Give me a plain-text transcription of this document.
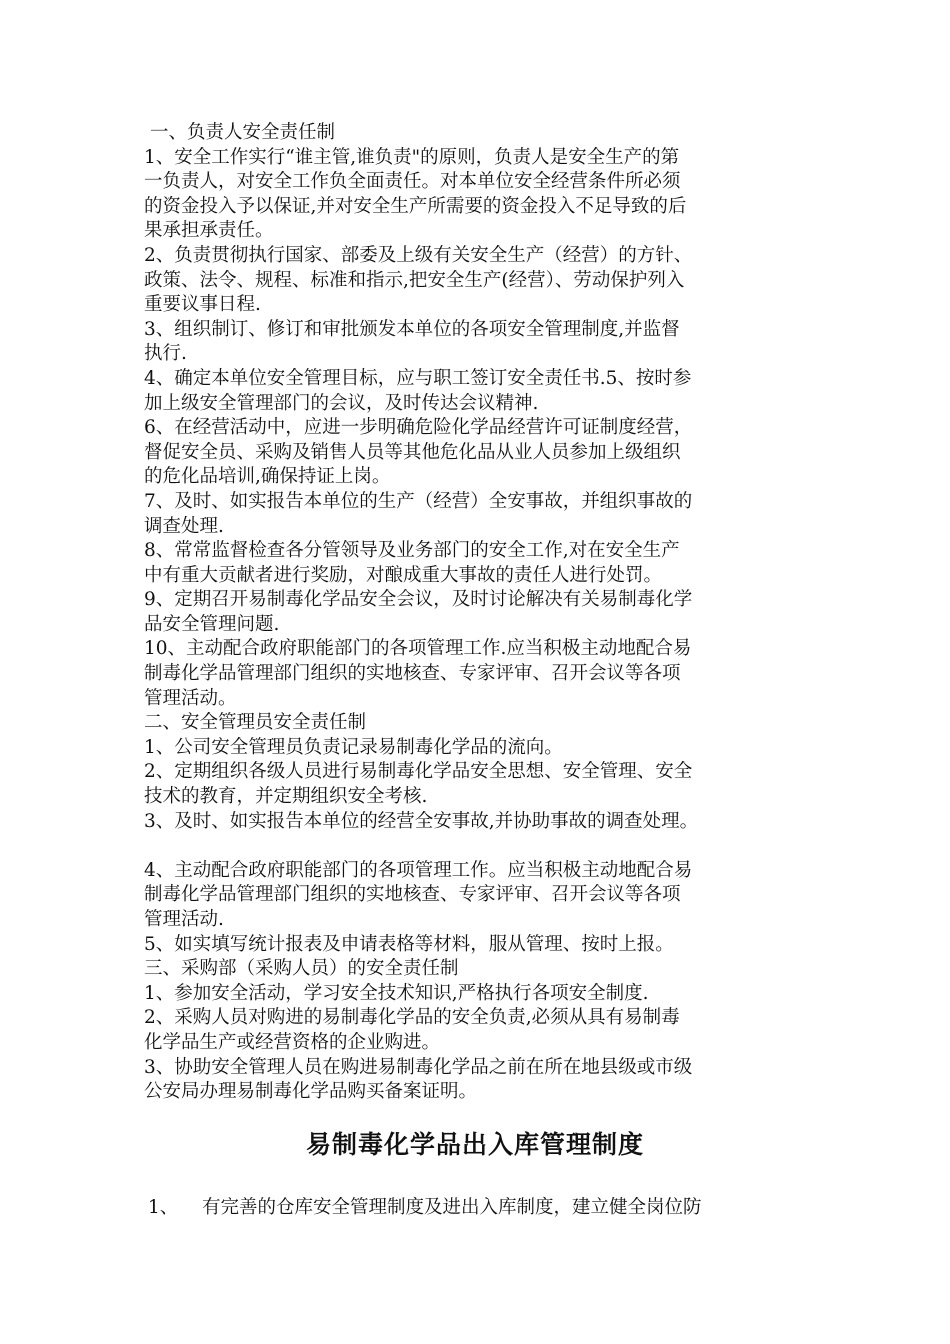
一、负责人安全责任制
1、安全工作实行“谁主管,谁负责"的原则，负责人是安全生产的第
一负责人，对安全工作负全面责任。对本单位安全经营条件所必须
的资金投入予以保证,并对安全生产所需要的资金投入不足导致的后
果承担承责任。
2、负责贯彻执行国家、部委及上级有关安全生产（经营）的方针、
政策、法令、规程、标准和指示,把安全生产(经营）、劳动保护列入
重要议事日程.
3、组织制订、修订和审批颁发本单位的各项安全管理制度,并监督
执行.
4、确定本单位安全管理目标，应与职工签订安全责任书.5、按时参
加上级安全管理部门的会议，及时传达会议精神.
6、在经营活动中，应进一步明确危险化学品经营许可证制度经营，
督促安全员、采购及销售人员等其他危化品从业人员参加上级组织
的危化品培训,确保持证上岗。
7、及时、如实报告本单位的生产（经营）全安事故，并组织事故的
调查处理.
8、常常监督检查各分管领导及业务部门的安全工作,对在安全生产
中有重大贡献者进行奖励，对酿成重大事故的责任人进行处罚。
9、定期召开易制毒化学品安全会议，及时讨论解决有关易制毒化学
品安全管理问题.
10、主动配合政府职能部门的各项管理工作.应当积极主动地配合易
制毒化学品管理部门组织的实地核查、专家评审、召开会议等各项
管理活动。
二、安全管理员安全责任制
1、公司安全管理员负责记录易制毒化学品的流向。
2、定期组织各级人员进行易制毒化学品安全思想、安全管理、安全
技术的教育，并定期组织安全考核.
3、及时、如实报告本单位的经营全安事故,并协助事故的调查处理。
4、主动配合政府职能部门的各项管理工作。应当积极主动地配合易
制毒化学品管理部门组织的实地核查、专家评审、召开会议等各项
管理活动.
5、如实填写统计报表及申请表格等材料，服从管理、按时上报。
三、采购部（采购人员）的安全责任制
1、参加安全活动，学习安全技术知识,严格执行各项安全制度.
2、采购人员对购进的易制毒化学品的安全负责,必须从具有易制毒
化学品生产或经营资格的企业购进。
3、协助安全管理人员在购进易制毒化学品之前在所在地县级或市级
公安局办理易制毒化学品购买备案证明。
易制毒化学品出入库管理制度
1、 有完善的仓库安全管理制度及进出入库制度，建立健全岗位防
